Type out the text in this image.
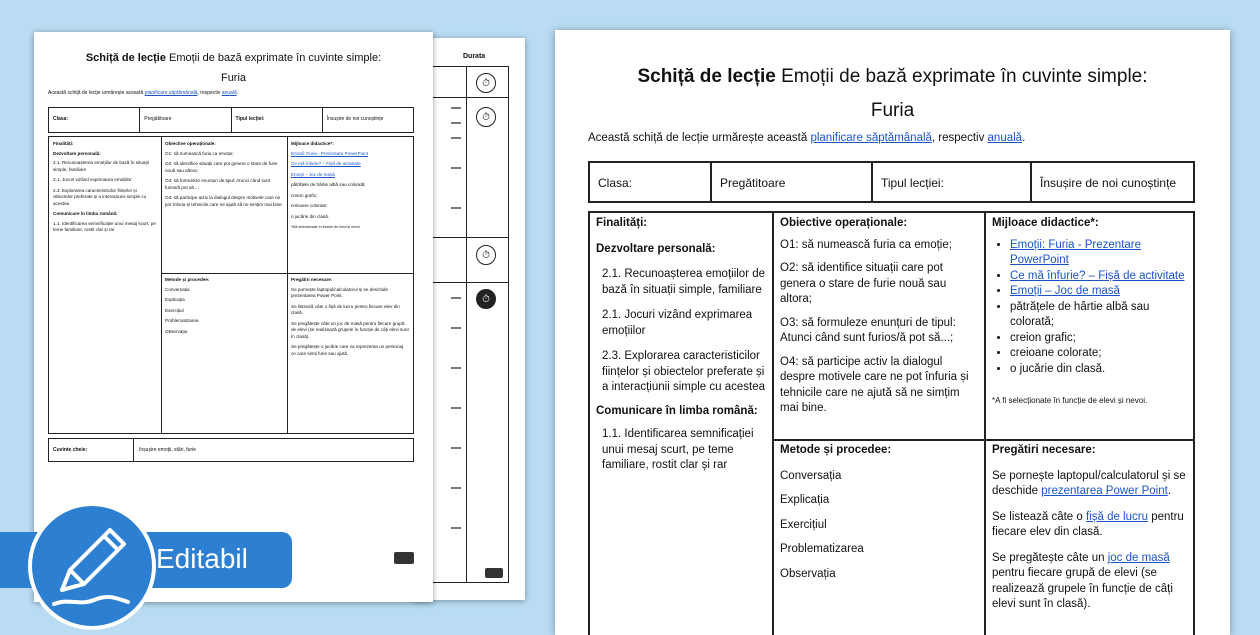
Durata
⏱
⏱
⏱
⏱
Schiță de lecție Emoții de bază exprimate în cuvinte simple:
Furia
Această schiță de lecție urmărește această planificare săptămânală, respectiv anuală.
Clasa:	Pregătitoare	Tipul lecției:	Însușire de noi cunoștințe
Finalități:
Dezvoltare personală:

2.1. Recunoașterea emoțiilor de bază în situații simple, familiare

2.1. Jocuri vizând exprimarea emoțiilor

2.3. Explorarea caracteristicilor ființelor și obiectelor preferate și a interacțiunii simple cu acestea

Comunicare în limba română:

1.1. Identificarea semnificației unui mesaj scurt, pe teme familiare, rostit clar și rar

Obiective operaționale:

O1: să numească furia ca emoție;

O2: să identifice situații care pot genera o stare de furie nouă sau altora;

O3: să formuleze enunțuri de tipul: Atunci când sunt furios/ă pot să...;

O4: să participe activ la dialogul despre motivele care ne pot înfuria și tehnicile care ne ajută să ne simțim mai bine.

Metode și procedee:

Conversația

Explicația

Exercițiul

Problematizarea

Observația

Mijloace didactice*:

Emoții: Furia - Prezentare PowerPoint

Ce mă înfurie? – Fișă de activitate

Emoții – Joc de masă

pătrățele de hârtie albă sau colorată;

creion grafic;

creioane colorate;

o jucărie din clasă.

*Mă selecționate în funcție de elevi și nevoi.

Pregătiri necesare:

Se pornește laptopul/calculatorul și se deschide prezentarea Power Point.

Se listează câte o fișă de lucru pentru fiecare elev din clasă.

Se pregătește câte un joc de masă pentru fiecare grupă de elevi (se realizează grupele în funcție de câți elevi sunt în clasă).

Se pregătește o jucărie care va reprezenta un personaj ce care simți furie sau ajută.

Cuvinte cheie:	înșușire emoții, stări, furie
Editabil
Schiță de lecție Emoții de bază exprimate în cuvinte simple:
Furia
Această schiță de lecție urmărește această planificare săptămânală, respectiv anuală.
Clasa:	Pregătitoare	Tipul lecției:	Însușire de noi cunoștințe
Finalități:
Dezvoltare personală:

2.1. Recunoașterea emoțiilor de bază în situații simple, familiare

2.1. Jocuri vizând exprimarea emoțiilor

2.3. Explorarea caracteristicilor ființelor și obiectelor preferate și a interacțiunii simple cu acestea

Comunicare în limba română:

1.1. Identificarea semnificației unui mesaj scurt, pe teme familiare, rostit clar și rar

Obiective operaționale:

O1: să numească furia ca emoție;

O2: să identifice situații care pot genera o stare de furie nouă sau altora;

O3: să formuleze enunțuri de tipul: Atunci când sunt furios/ă pot să...;

O4: să participe activ la dialogul despre motivele care ne pot înfuria și tehnicile care ne ajută să ne simțim mai bine.

Metode și procedee:

Conversația

Explicația

Exercițiul

Problematizarea

Observația

Mijloace didactice*:
• Emoții: Furia - Prezentare PowerPoint
• Ce mă înfurie? – Fișă de activitate
• Emoții – Joc de masă
• pătrățele de hârtie albă sau colorată;
• creion grafic;
• creioane colorate;
• o jucărie din clasă.

*A fi selecționate în funcție de elevi și nevoi.

Pregătiri necesare:

Se pornește laptopul/calculatorul și se deschide prezentarea Power Point.

Se listează câte o fișă de lucru pentru fiecare elev din clasă.

Se pregătește câte un joc de masă pentru fiecare grupă de elevi (se realizează grupele în funcție de câți elevi sunt în clasă).
